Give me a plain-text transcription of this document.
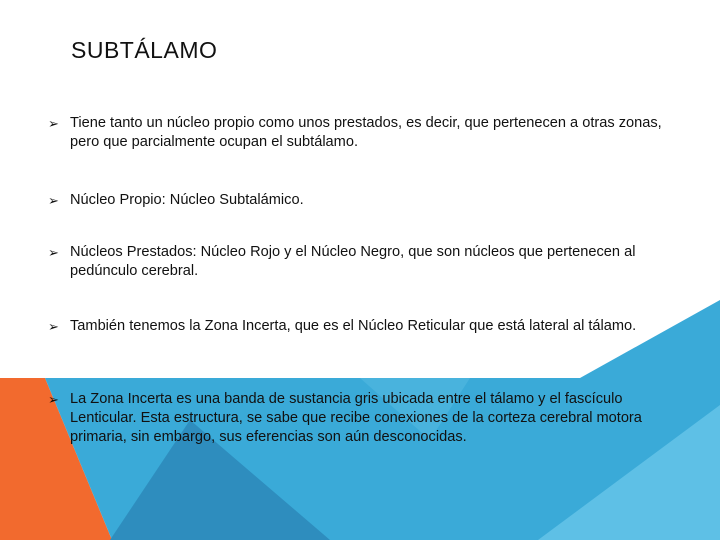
SUBTÁLAMO
➢ Tiene tanto un núcleo propio como unos prestados, es decir, que pertenecen a otras zonas, pero que parcialmente ocupan el subtálamo.
➢ Núcleo Propio: Núcleo Subtalámico.
➢ Núcleos Prestados: Núcleo Rojo y el Núcleo Negro, que son núcleos que pertenecen al pedúnculo cerebral.
➢ También tenemos la Zona Incerta, que es el Núcleo Reticular que está lateral al tálamo.
➢ La Zona Incerta es una banda de sustancia gris ubicada entre el tálamo y el fascículo Lenticular. Esta estructura, se sabe que recibe conexiones de la corteza cerebral motora primaria, sin embargo, sus eferencias son aún desconocidas.
